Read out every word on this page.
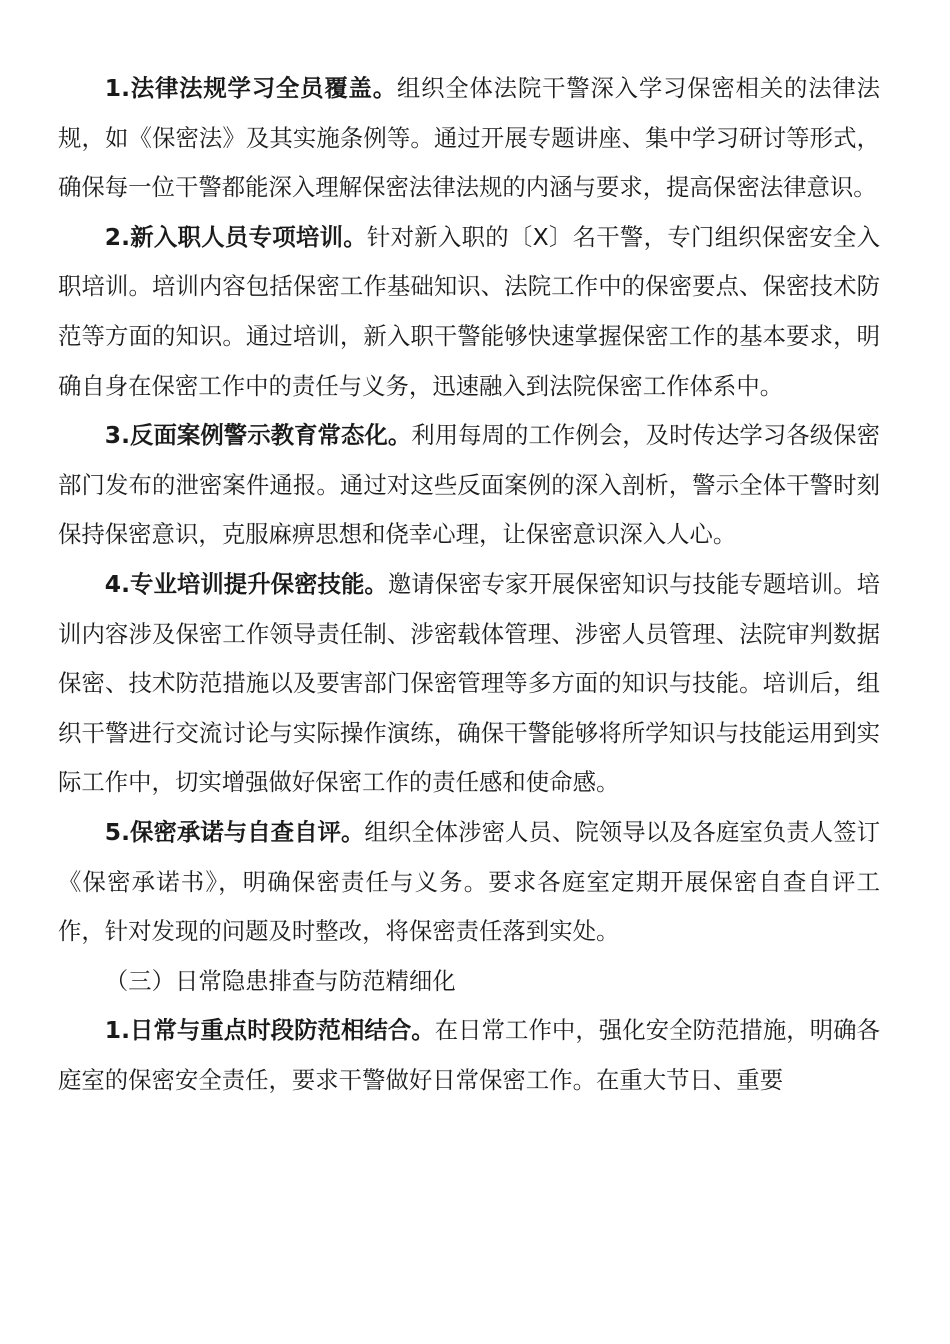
1.法律法规学习全员覆盖。组织全体法院干警深入学习保密相关的法律法规，如《保密法》及其实施条例等。通过开展专题讲座、集中学习研讨等形式，确保每一位干警都能深入理解保密法律法规的内涵与要求，提高保密法律意识。

2.新入职人员专项培训。针对新入职的〔X〕名干警，专门组织保密安全入职培训。培训内容包括保密工作基础知识、法院工作中的保密要点、保密技术防范等方面的知识。通过培训，新入职干警能够快速掌握保密工作的基本要求，明确自身在保密工作中的责任与义务，迅速融入到法院保密工作体系中。

3.反面案例警示教育常态化。利用每周的工作例会，及时传达学习各级保密部门发布的泄密案件通报。通过对这些反面案例的深入剖析，警示全体干警时刻保持保密意识，克服麻痹思想和侥幸心理，让保密意识深入人心。

4.专业培训提升保密技能。邀请保密专家开展保密知识与技能专题培训。培训内容涉及保密工作领导责任制、涉密载体管理、涉密人员管理、法院审判数据保密、技术防范措施以及要害部门保密管理等多方面的知识与技能。培训后，组织干警进行交流讨论与实际操作演练，确保干警能够将所学知识与技能运用到实际工作中，切实增强做好保密工作的责任感和使命感。

5.保密承诺与自查自评。组织全体涉密人员、院领导以及各庭室负责人签订《保密承诺书》，明确保密责任与义务。要求各庭室定期开展保密自查自评工作，针对发现的问题及时整改，将保密责任落到实处。

（三）日常隐患排查与防范精细化

1.日常与重点时段防范相结合。在日常工作中，强化安全防范措施，明确各庭室的保密安全责任，要求干警做好日常保密工作。在重大节日、重要
